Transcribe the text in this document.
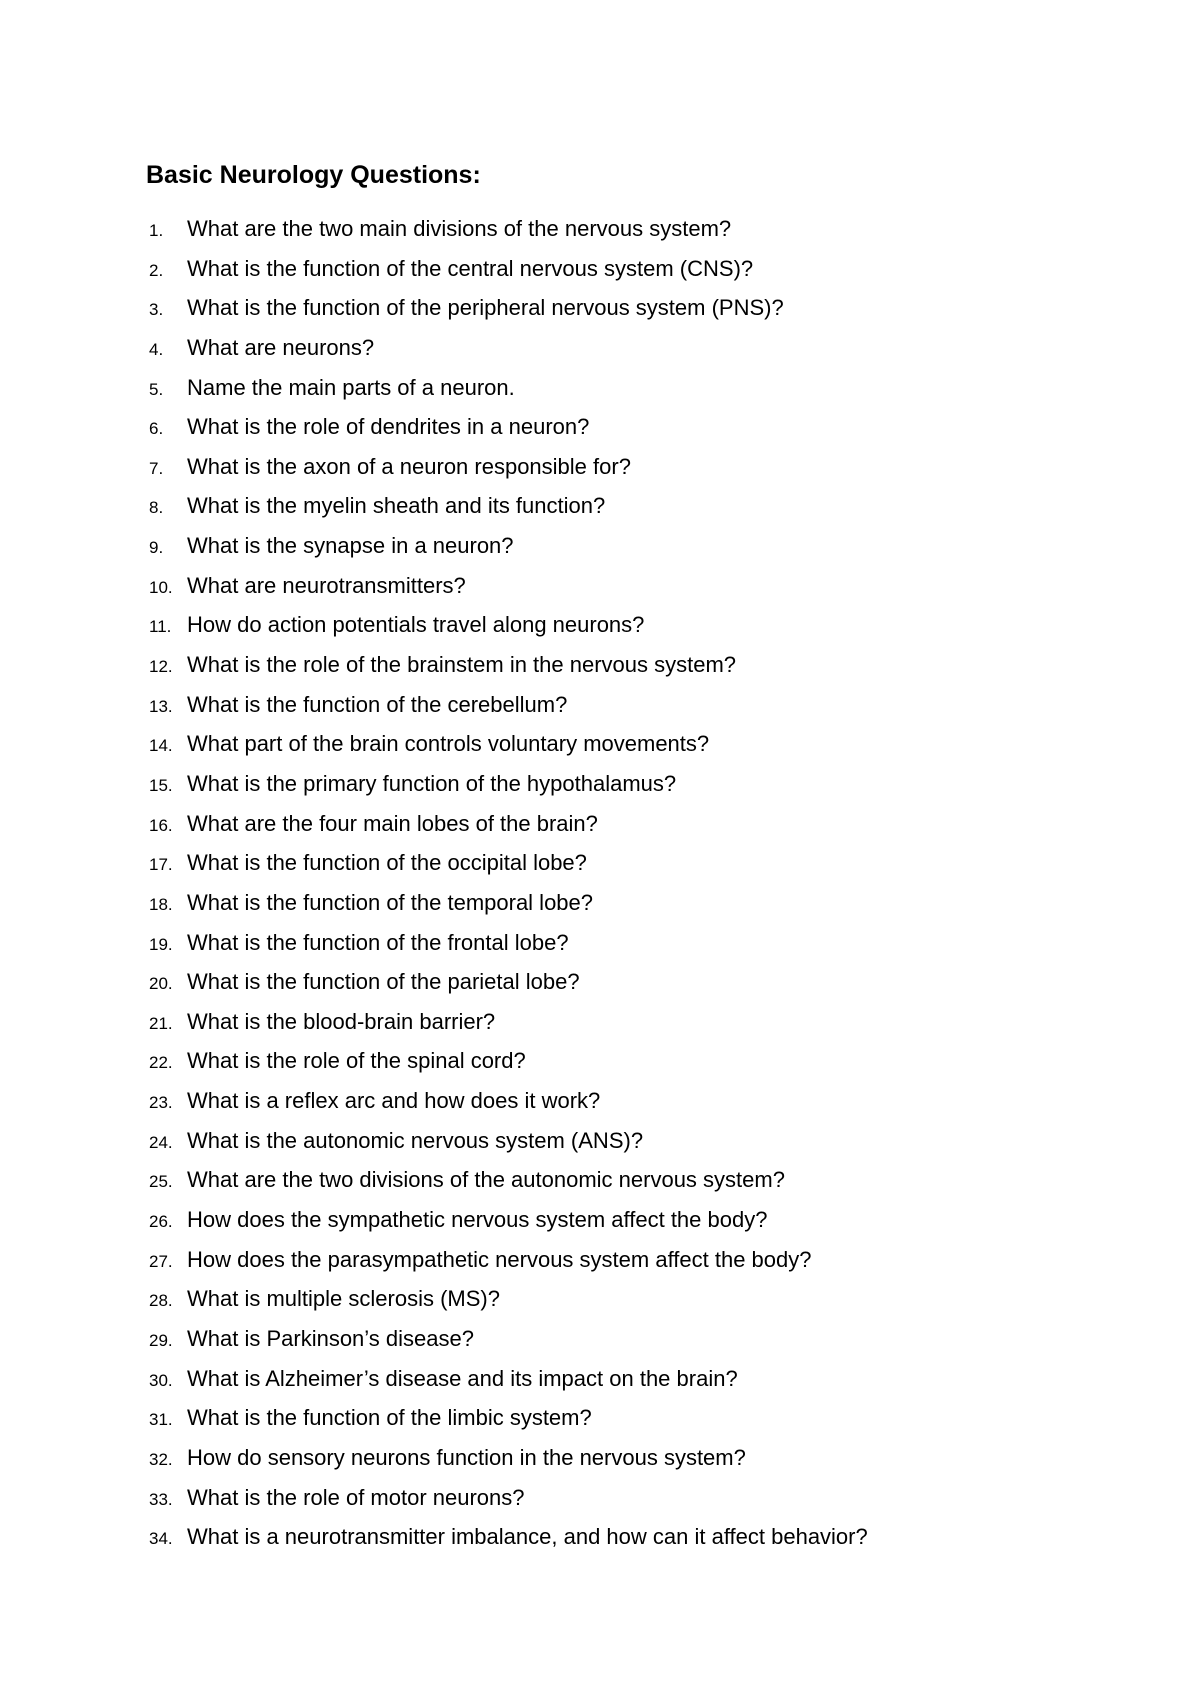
Basic Neurology Questions:
1. What are the two main divisions of the nervous system?
2. What is the function of the central nervous system (CNS)?
3. What is the function of the peripheral nervous system (PNS)?
4. What are neurons?
5. Name the main parts of a neuron.
6. What is the role of dendrites in a neuron?
7. What is the axon of a neuron responsible for?
8. What is the myelin sheath and its function?
9. What is the synapse in a neuron?
10. What are neurotransmitters?
11. How do action potentials travel along neurons?
12. What is the role of the brainstem in the nervous system?
13. What is the function of the cerebellum?
14. What part of the brain controls voluntary movements?
15. What is the primary function of the hypothalamus?
16. What are the four main lobes of the brain?
17. What is the function of the occipital lobe?
18. What is the function of the temporal lobe?
19. What is the function of the frontal lobe?
20. What is the function of the parietal lobe?
21. What is the blood-brain barrier?
22. What is the role of the spinal cord?
23. What is a reflex arc and how does it work?
24. What is the autonomic nervous system (ANS)?
25. What are the two divisions of the autonomic nervous system?
26. How does the sympathetic nervous system affect the body?
27. How does the parasympathetic nervous system affect the body?
28. What is multiple sclerosis (MS)?
29. What is Parkinson’s disease?
30. What is Alzheimer’s disease and its impact on the brain?
31. What is the function of the limbic system?
32. How do sensory neurons function in the nervous system?
33. What is the role of motor neurons?
34. What is a neurotransmitter imbalance, and how can it affect behavior?
